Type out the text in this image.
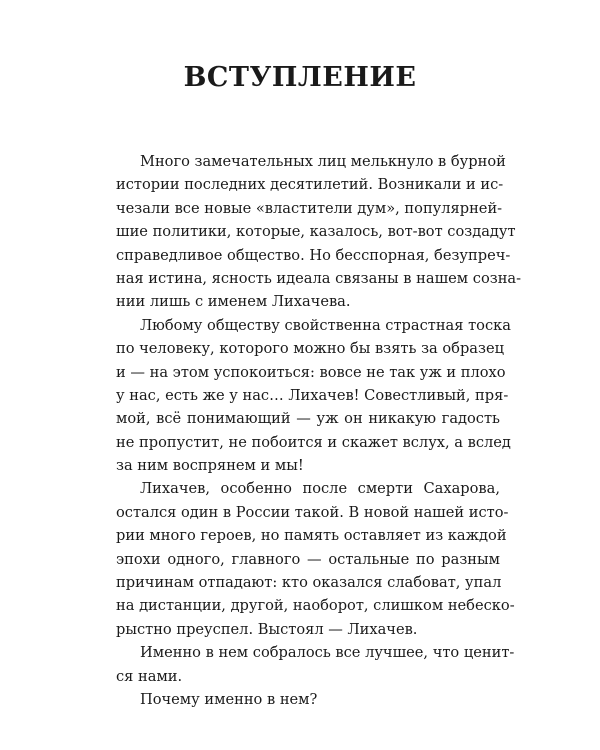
ВСТУПЛЕНИЕ
Много замечательных лиц мелькнуло в бурной
истории последних десятилетий. Возникали и ис-
чезали все новые «властители дум», популярней-
шие политики, которые, казалось, вот-вот создадут
справедливое общество. Но бесспорная, безупреч-
ная истина, ясность идеала связаны в нашем созна-
нии лишь с именем Лихачева.
Любому обществу свойственна страстная тоска
по человеку, которого можно бы взять за образец
и — на этом успокоиться: вовсе не так уж и плохо
у нас, есть же у нас… Лихачев! Совестливый, пря-
мой, всё понимающий — уж он никакую гадость
не пропустит, не побоится и скажет вслух, а вслед
за ним воспрянем и мы!
Лихачев, особенно после смерти Сахарова,
остался один в России такой. В новой нашей исто-
рии много героев, но память оставляет из каждой
эпохи одного, главного — остальные по разным
причинам отпадают: кто оказался слабоват, упал
на дистанции, другой, наоборот, слишком небеско-
рыстно преуспел. Выстоял — Лихачев.
Именно в нем собралось все лучшее, что ценит-
ся нами.
Почему именно в нем?
